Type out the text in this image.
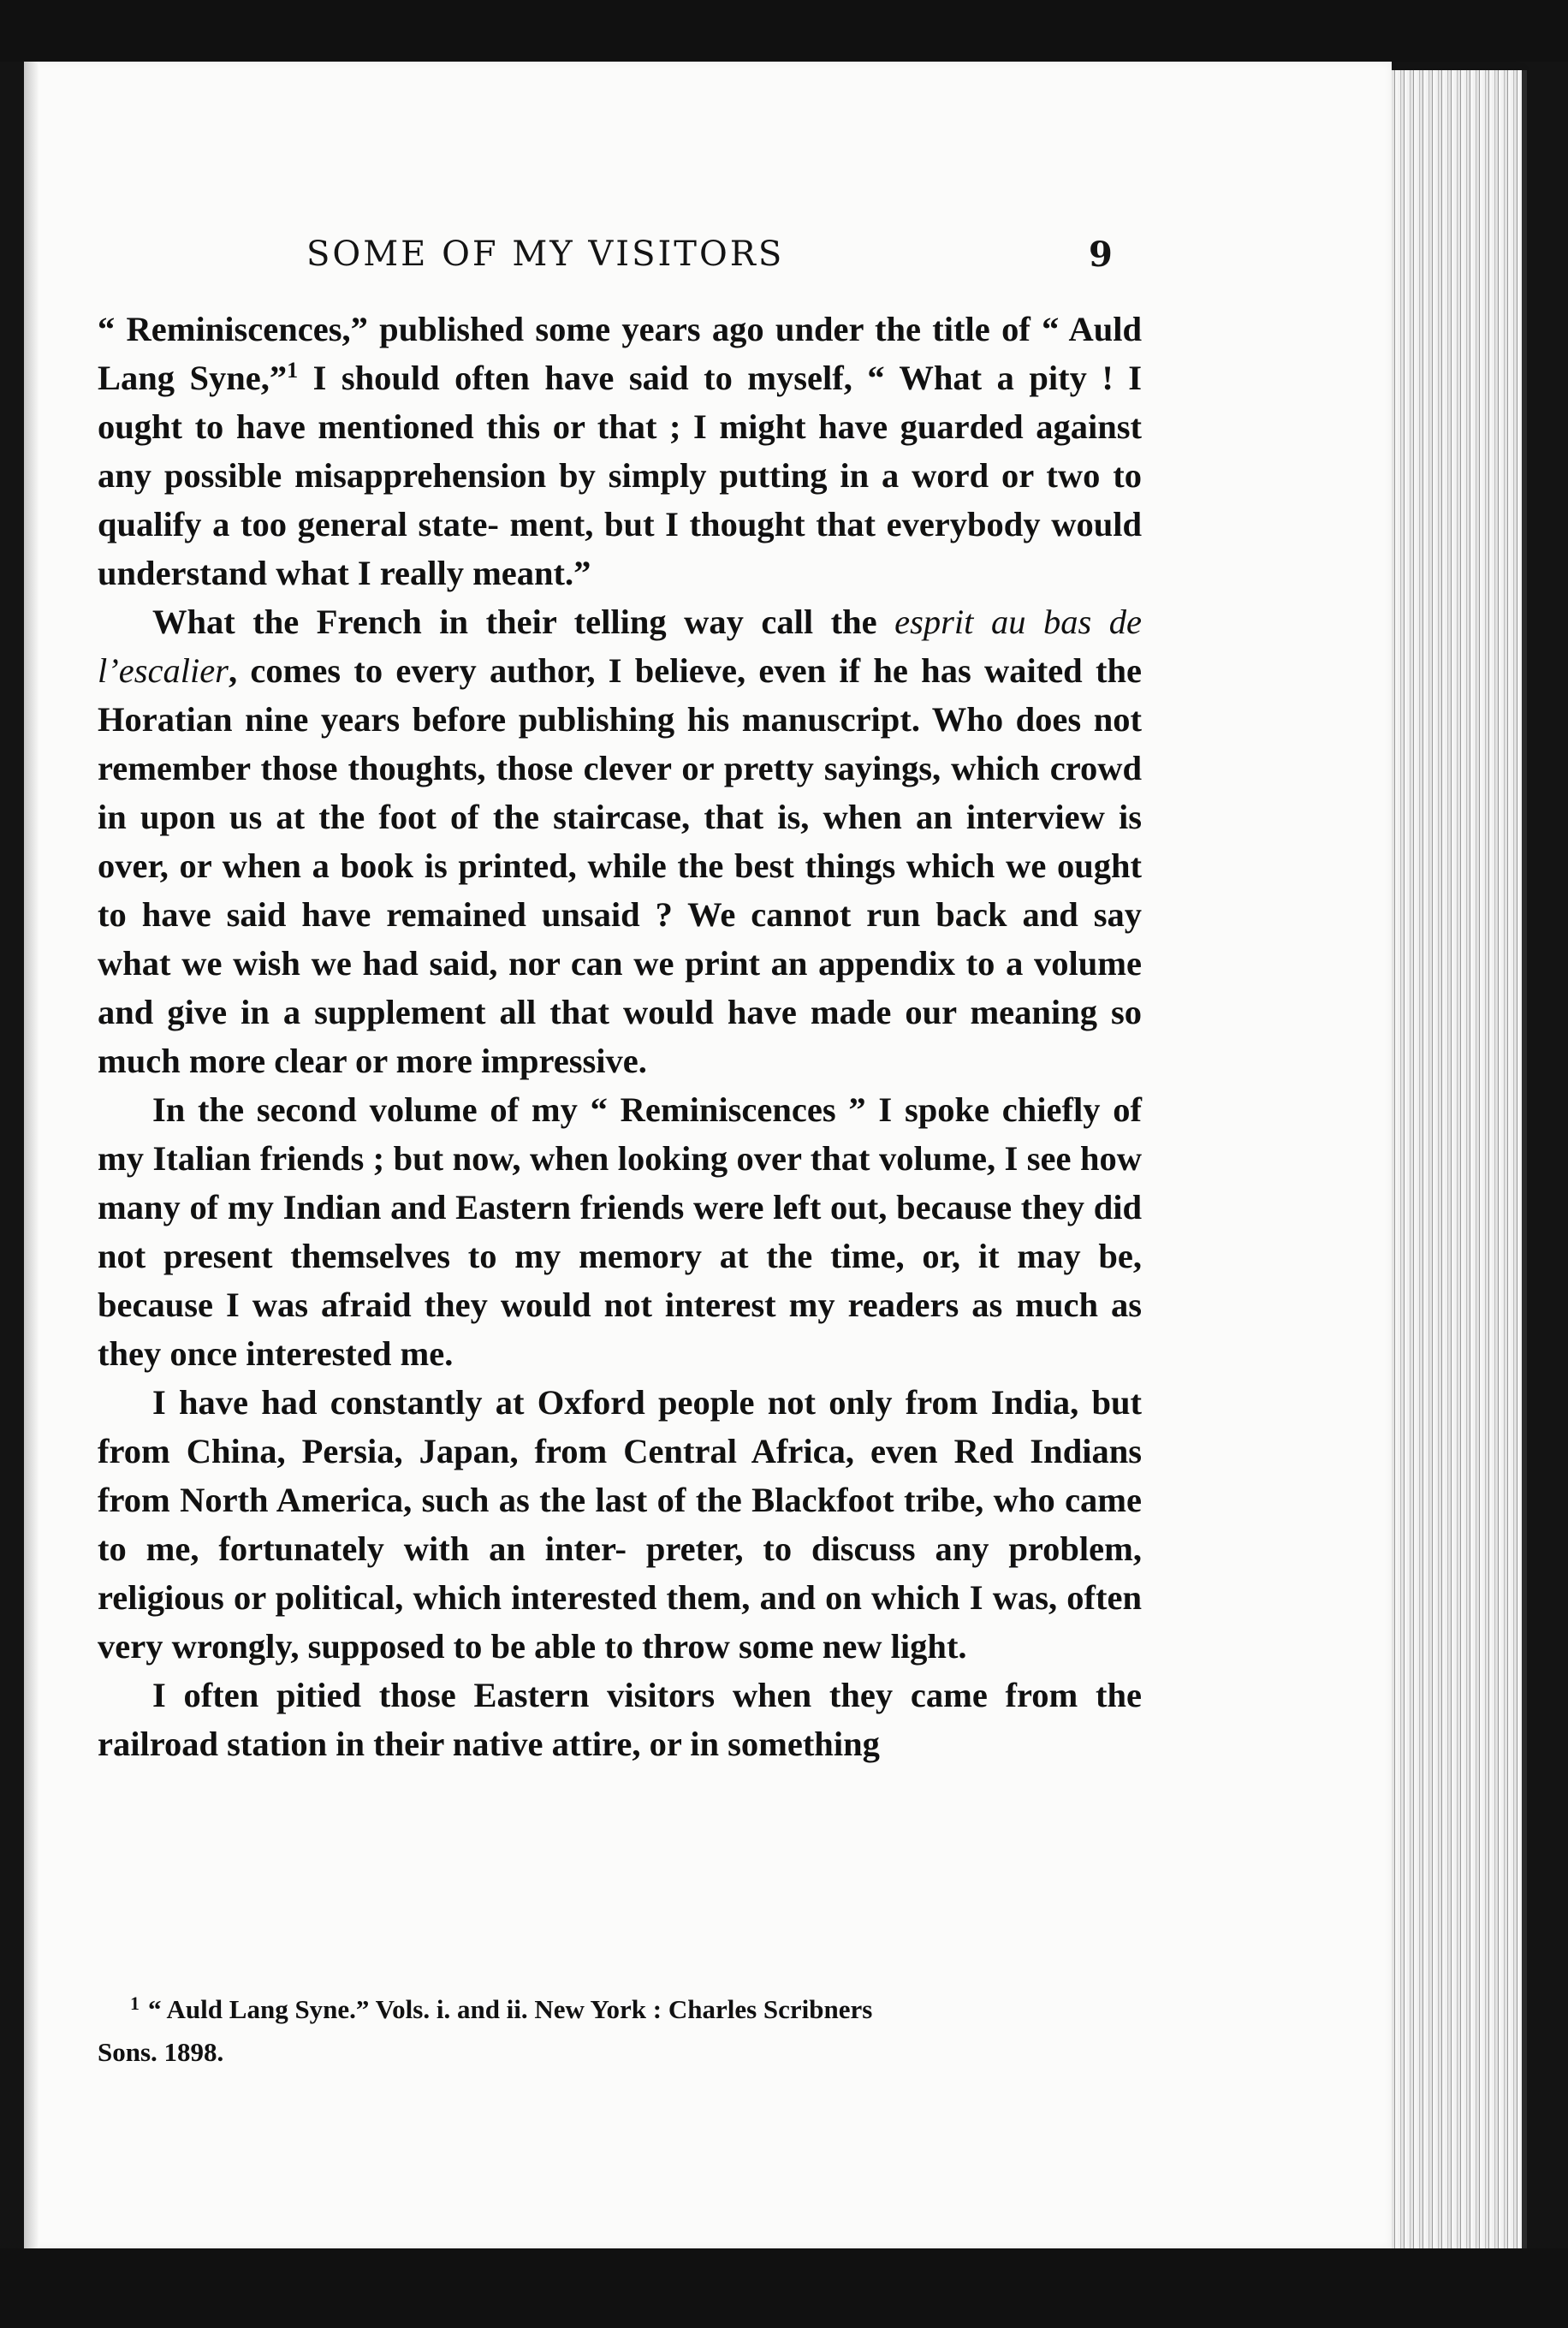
SOME OF MY VISITORS	9

“ Reminiscences,” published some years ago under the title of “ Auld Lang Syne,”$^1$ I should often have said to myself, “ What a pity ! I ought to have mentioned this or that ; I might have guarded against any possible misapprehension by simply putting in a word or two to qualify a too general state- ment, but I thought that everybody would understand what I really meant.”

What the French in their telling way call the esprit au bas de l’escalier, comes to every author, I believe, even if he has waited the Horatian nine years before publishing his manuscript. Who does not remember those thoughts, those clever or pretty sayings, which crowd in upon us at the foot of the staircase, that is, when an interview is over, or when a book is printed, while the best things which we ought to have said have remained unsaid ? We cannot run back and say what we wish we had said, nor can we print an appendix to a volume and give in a supplement all that would have made our meaning so much more clear or more impressive.

In the second volume of my “ Reminiscences ” I spoke chiefly of my Italian friends ; but now, when looking over that volume, I see how many of my Indian and Eastern friends were left out, because they did not present themselves to my memory at the time, or, it may be, because I was afraid they would not interest my readers as much as they once interested me.

I have had constantly at Oxford people not only from India, but from China, Persia, Japan, from Central Africa, even Red Indians from North America, such as the last of the Blackfoot tribe, who came to me, fortunately with an inter- preter, to discuss any problem, religious or political, which interested them, and on which I was, often very wrongly, supposed to be able to throw some new light.

I often pitied those Eastern visitors when they came from the railroad station in their native attire, or in something

$^1$ “ Auld Lang Syne.” Vols. i. and ii. New York : Charles Scribners
Sons. 1898.
